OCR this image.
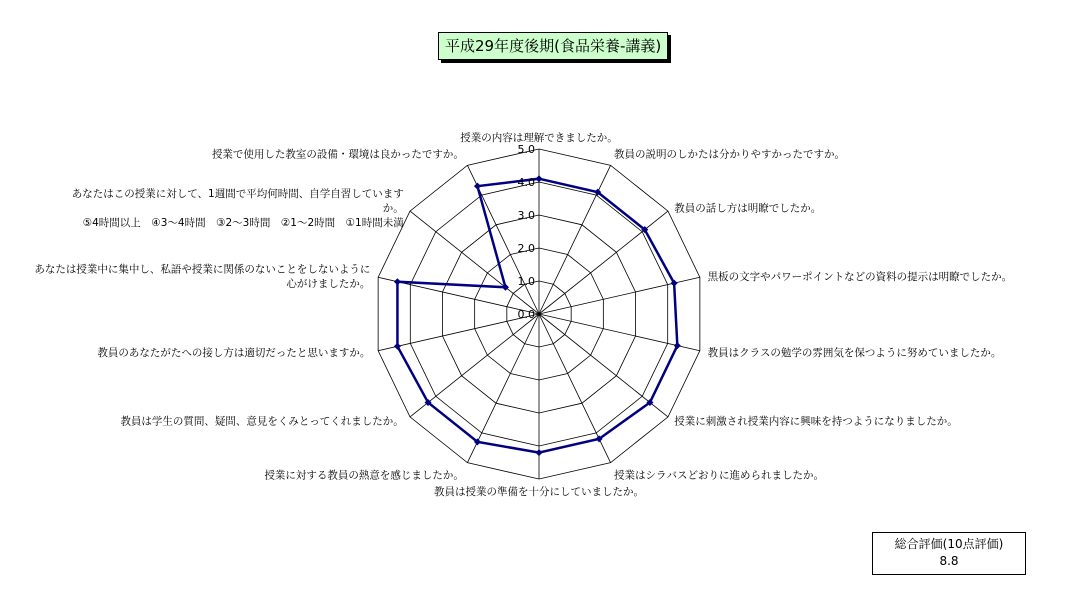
平成29年度後期(食品栄養-講義)
0.0
1.0
2.0
3.0
4.0
5.0
授業の内容は理解できましたか。
教員の説明のしかたは分かりやすかったですか。
教員の話し方は明瞭でしたか。
黒板の文字やパワーポイントなどの資料の提示は明瞭でしたか。
教員はクラスの勉学の雰囲気を保つように努めていましたか。
授業に刺激され授業内容に興味を持つようになりましたか。
授業はシラバスどおりに進められましたか。
教員は授業の準備を十分にしていましたか。
授業に対する教員の熱意を感じましたか。
教員は学生の質問、疑問、意見をくみとってくれましたか。
教員のあなたがたへの接し方は適切だったと思いますか。
あなたは授業中に集中し、私語や授業に関係のないことをしないように
心がけましたか。
あなたはこの授業に対して、1週間で平均何時間、自学自習しています
か。
⑤4時間以上　④3～4時間　③2～3時間　②1～2時間　①1時間未満
授業で使用した教室の設備・環境は良かったですか。
総合評価(10点評価)
8.8
